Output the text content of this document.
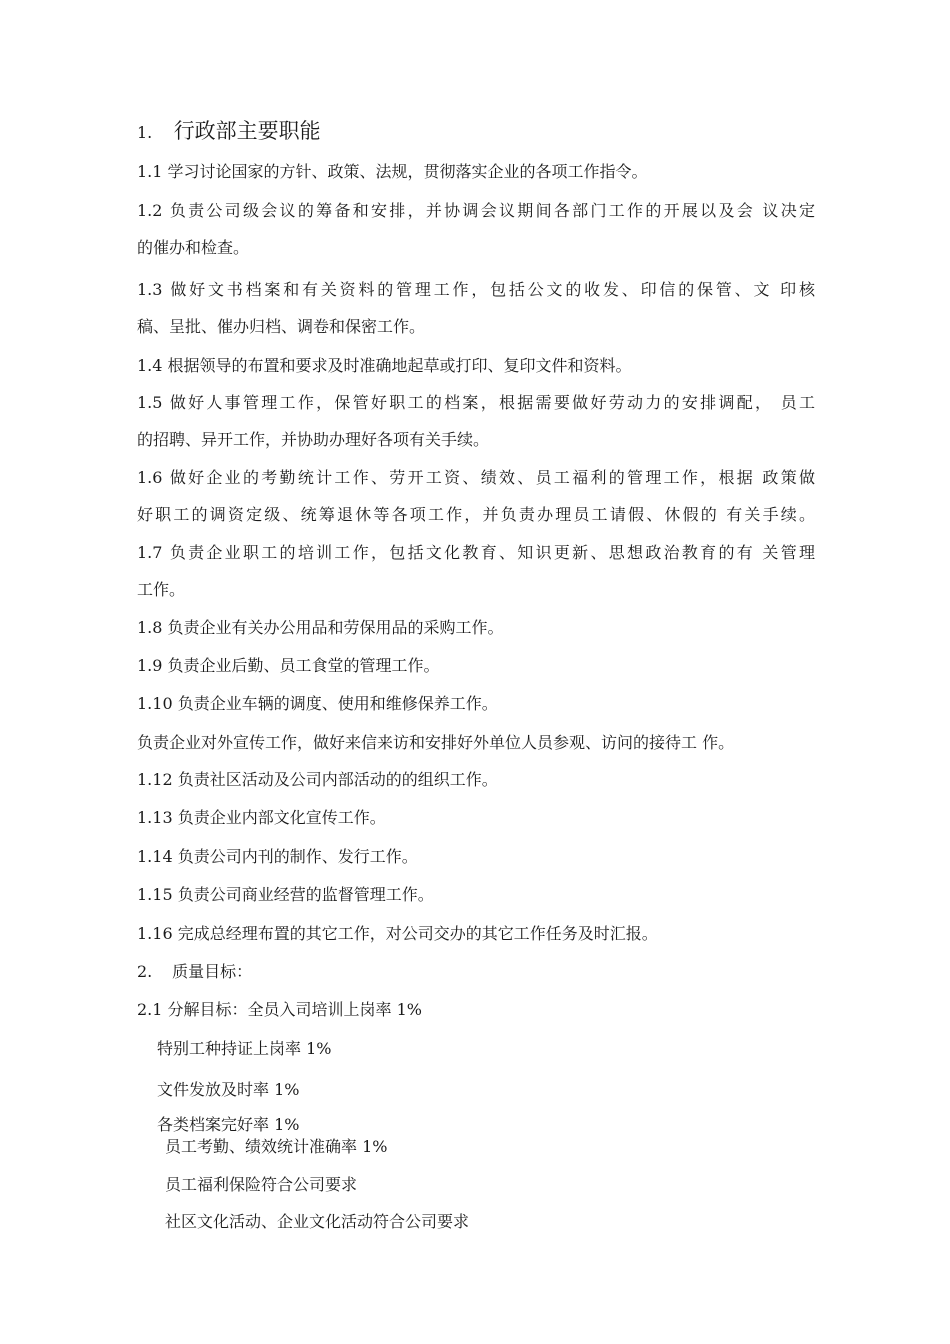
1. 行政部主要职能
1.1 学习讨论国家的方针、政策、法规，贯彻落实企业的各项工作指令。
1.2 负责公司级会议的筹备和安排，并协调会议期间各部门工作的开展以及会 议决定
的催办和检查。
1.3 做好文书档案和有关资料的管理工作，包括公文的收发、印信的保管、文 印核
稿、呈批、催办归档、调卷和保密工作。
1.4 根据领导的布置和要求及时准确地起草或打印、复印文件和资料。
1.5 做好人事管理工作，保管好职工的档案，根据需要做好劳动力的安排调配， 员工
的招聘、异开工作，并协助办理好各项有关手续。
1.6 做好企业的考勤统计工作、劳开工资、绩效、员工福利的管理工作，根据 政策做
好职工的调资定级、统筹退休等各项工作，并负责办理员工请假、休假的 有关手续。
1.7 负责企业职工的培训工作，包括文化教育、知识更新、思想政治教育的有 关管理
工作。
1.8 负责企业有关办公用品和劳保用品的采购工作。
1.9 负责企业后勤、员工食堂的管理工作。
1.10 负责企业车辆的调度、使用和维修保养工作。
负责企业对外宣传工作，做好来信来访和安排好外单位人员参观、访问的接待工 作。
1.12 负责社区活动及公司内部活动的的组织工作。
1.13 负责企业内部文化宣传工作。
1.14 负责公司内刊的制作、发行工作。
1.15 负责公司商业经营的监督管理工作。
1.16 完成总经理布置的其它工作，对公司交办的其它工作任务及时汇报。
2. 质量目标：
2.1 分解目标：全员入司培训上岗率 1%
特别工种持证上岗率 1%
文件发放及时率 1%
各类档案完好率 1%
员工考勤、绩效统计准确率 1%
员工福利保险符合公司要求
社区文化活动、企业文化活动符合公司要求
